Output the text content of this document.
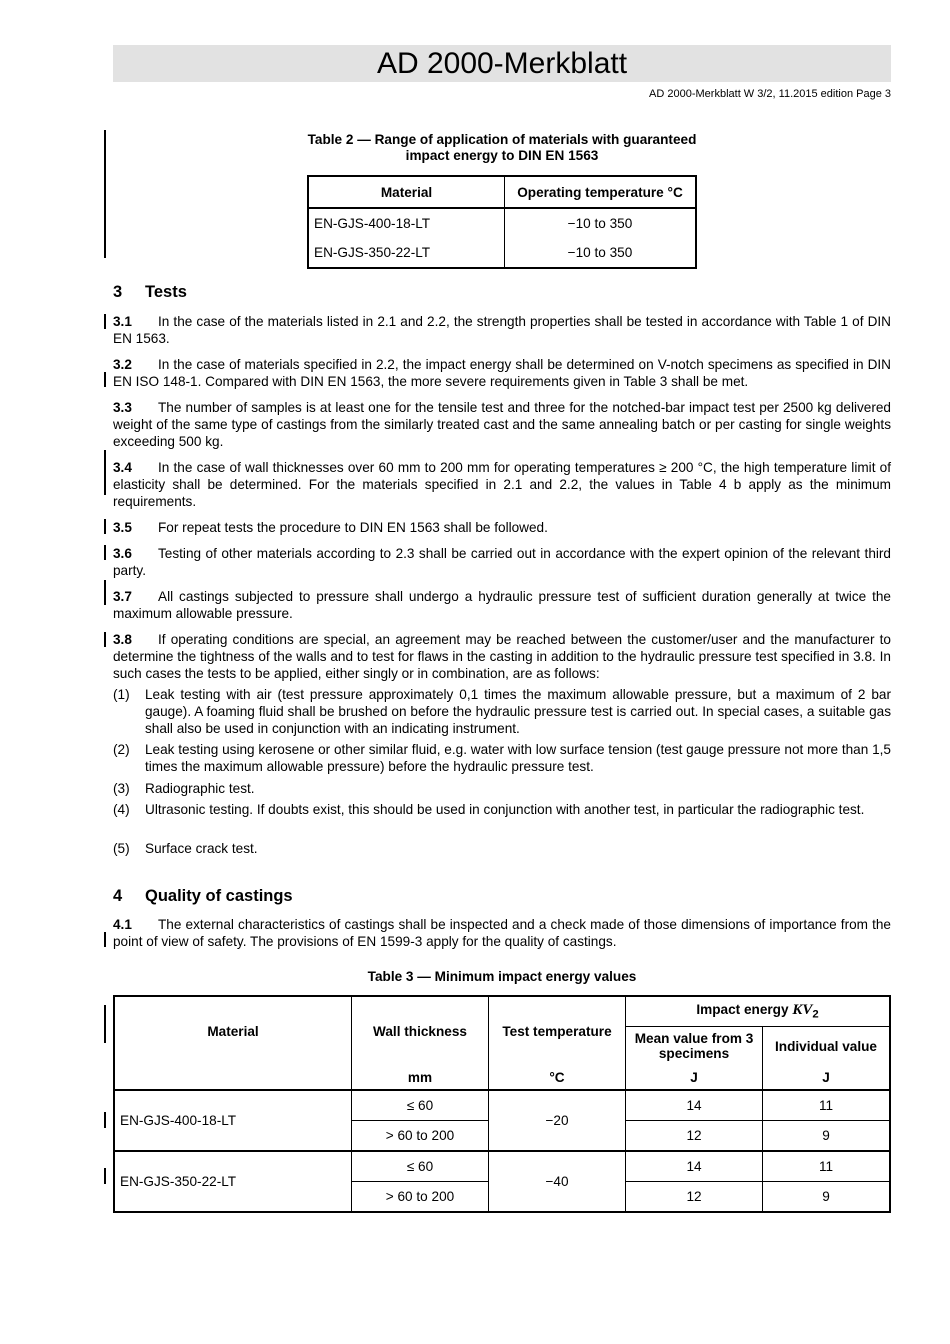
AD 2000-Merkblatt
AD 2000-Merkblatt W 3/2, 11.2015 edition Page 3
Table 2 — Range of application of materials with guaranteed
impact energy to DIN EN 1563
Material	Operating temperature °C
EN-GJS-400-18-LT	−10 to 350
EN-GJS-350-22-LT	−10 to 350
3 Tests
3.1 In the case of the materials listed in 2.1 and 2.2, the strength properties shall be tested in accordance with Table 1 of DIN EN 1563.
3.2 In the case of materials specified in 2.2, the impact energy shall be determined on V-notch specimens as specified in DIN EN ISO 148-1. Compared with DIN EN 1563, the more severe requirements given in Table 3 shall be met.
3.3 The number of samples is at least one for the tensile test and three for the notched-bar impact test per 2500 kg delivered weight of the same type of castings from the similarly treated cast and the same annealing batch or per casting for single weights exceeding 500 kg.
3.4 In the case of wall thicknesses over 60 mm to 200 mm for operating temperatures ≥ 200 °C, the high temperature limit of elasticity shall be determined. For the materials specified in 2.1 and 2.2, the values in Table 4 b apply as the minimum requirements.
3.5 For repeat tests the procedure to DIN EN 1563 shall be followed.
3.6 Testing of other materials according to 2.3 shall be carried out in accordance with the expert opinion of the relevant third party.
3.7 All castings subjected to pressure shall undergo a hydraulic pressure test of sufficient duration generally at twice the maximum allowable pressure.
3.8 If operating conditions are special, an agreement may be reached between the customer/user and the manufacturer to determine the tightness of the walls and to test for flaws in the casting in addition to the hydraulic pressure test specified in 3.8. In such cases the tests to be applied, either singly or in combination, are as follows:
(1) Leak testing with air (test pressure approximately 0,1 times the maximum allowable pressure, but a maximum of 2 bar gauge). A foaming fluid shall be brushed on before the hydraulic pressure test is carried out. In special cases, a suitable gas shall also be used in conjunction with an indicating instrument.
(2) Leak testing using kerosene or other similar fluid, e.g. water with low surface tension (test gauge pressure not more than 1,5 times the maximum allowable pressure) before the hydraulic pressure test.
(3) Radiographic test.
(4) Ultrasonic testing. If doubts exist, this should be used in conjunction with another test, in particular the radiographic test.
(5) Surface crack test.
4 Quality of castings
4.1 The external characteristics of castings shall be inspected and a check made of those dimensions of importance from the point of view of safety. The provisions of EN 1599-3 apply for the quality of castings.
Table 3 — Minimum impact energy values
Material	Wall thickness	Test temperature	Impact energy $KV_2$
			Mean value from 3 specimens	Individual value
	mm	°C	J	J
EN-GJS-400-18-LT	≤ 60	−20	14	11
	> 60 to 200		12	9
EN-GJS-350-22-LT	≤ 60	−40	14	11
	> 60 to 200		12	9
